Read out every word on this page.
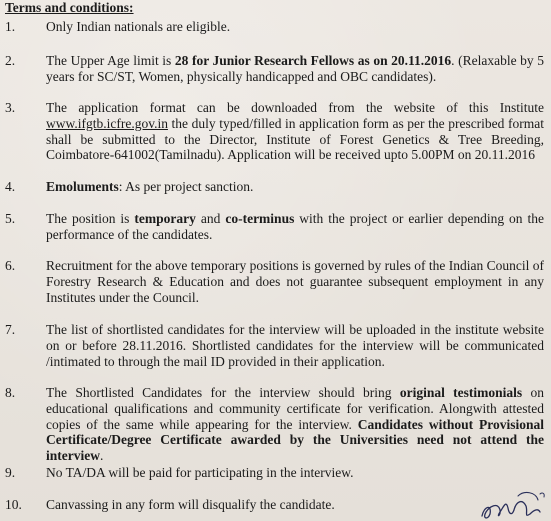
Terms and conditions:
1. Only Indian nationals are eligible.
2. The Upper Age limit is 28 for Junior Research Fellows as on 20.11.2016. (Relaxable by 5 years for SC/ST, Women, physically handicapped and OBC candidates).
3. The application format can be downloaded from the website of this Institute www.ifgtb.icfre.gov.in the duly typed/filled in application form as per the prescribed format shall be submitted to the Director, Institute of Forest Genetics & Tree Breeding, Coimbatore-641002(Tamilnadu). Application will be received upto 5.00PM on 20.11.2016
4. Emoluments: As per project sanction.
5. The position is temporary and co-terminus with the project or earlier depending on the performance of the candidates.
6. Recruitment for the above temporary positions is governed by rules of the Indian Council of Forestry Research & Education and does not guarantee subsequent employment in any Institutes under the Council.
7. The list of shortlisted candidates for the interview will be uploaded in the institute website on or before 28.11.2016. Shortlisted candidates for the interview will be communicated /intimated to through the mail ID provided in their application.
8. The Shortlisted Candidates for the interview should bring original testimonials on educational qualifications and community certificate for verification. Alongwith attested copies of the same while appearing for the interview. Candidates without Provisional Certificate/Degree Certificate awarded by the Universities need not attend the interview.
9. No TA/DA will be paid for participating in the interview.
10. Canvassing in any form will disqualify the candidate.
